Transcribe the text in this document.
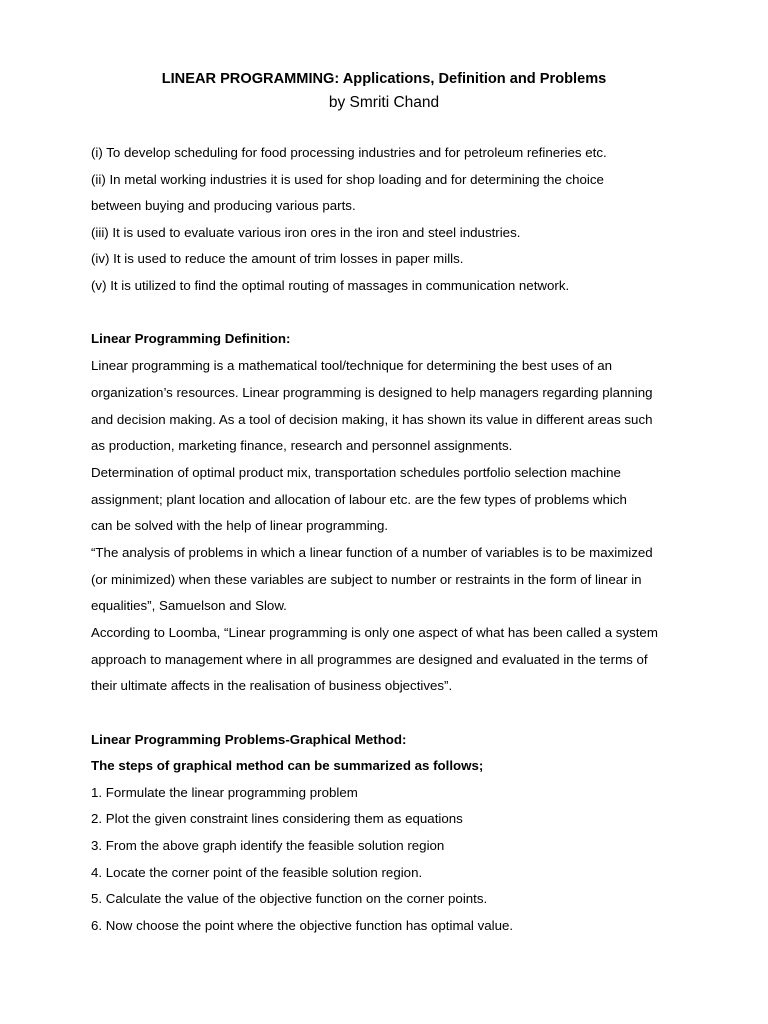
LINEAR PROGRAMMING: Applications, Definition and Problems
by Smriti Chand
(i) To develop scheduling for food processing industries and for petroleum refineries etc.
(ii) In metal working industries it is used for shop loading and for determining the choice
between buying and producing various parts.
(iii) It is used to evaluate various iron ores in the iron and steel industries.
(iv) It is used to reduce the amount of trim losses in paper mills.
(v) It is utilized to find the optimal routing of massages in communication network.
Linear Programming Definition:
Linear programming is a mathematical tool/technique for determining the best uses of an
organization’s resources. Linear programming is designed to help managers regarding planning
and decision making. As a tool of decision making, it has shown its value in different areas such
as production, marketing finance, research and personnel assignments.
Determination of optimal product mix, transportation schedules portfolio selection machine
assignment; plant location and allocation of labour etc. are the few types of problems which
can be solved with the help of linear programming.
“The analysis of problems in which a linear function of a number of variables is to be maximized
(or minimized) when these variables are subject to number or restraints in the form of linear in
equalities”, Samuelson and Slow.
According to Loomba, “Linear programming is only one aspect of what has been called a system
approach to management where in all programmes are designed and evaluated in the terms of
their ultimate affects in the realisation of business objectives”.
Linear Programming Problems-Graphical Method:
The steps of graphical method can be summarized as follows;
1. Formulate the linear programming problem
2. Plot the given constraint lines considering them as equations
3. From the above graph identify the feasible solution region
4. Locate the corner point of the feasible solution region.
5. Calculate the value of the objective function on the corner points.
6. Now choose the point where the objective function has optimal value.
